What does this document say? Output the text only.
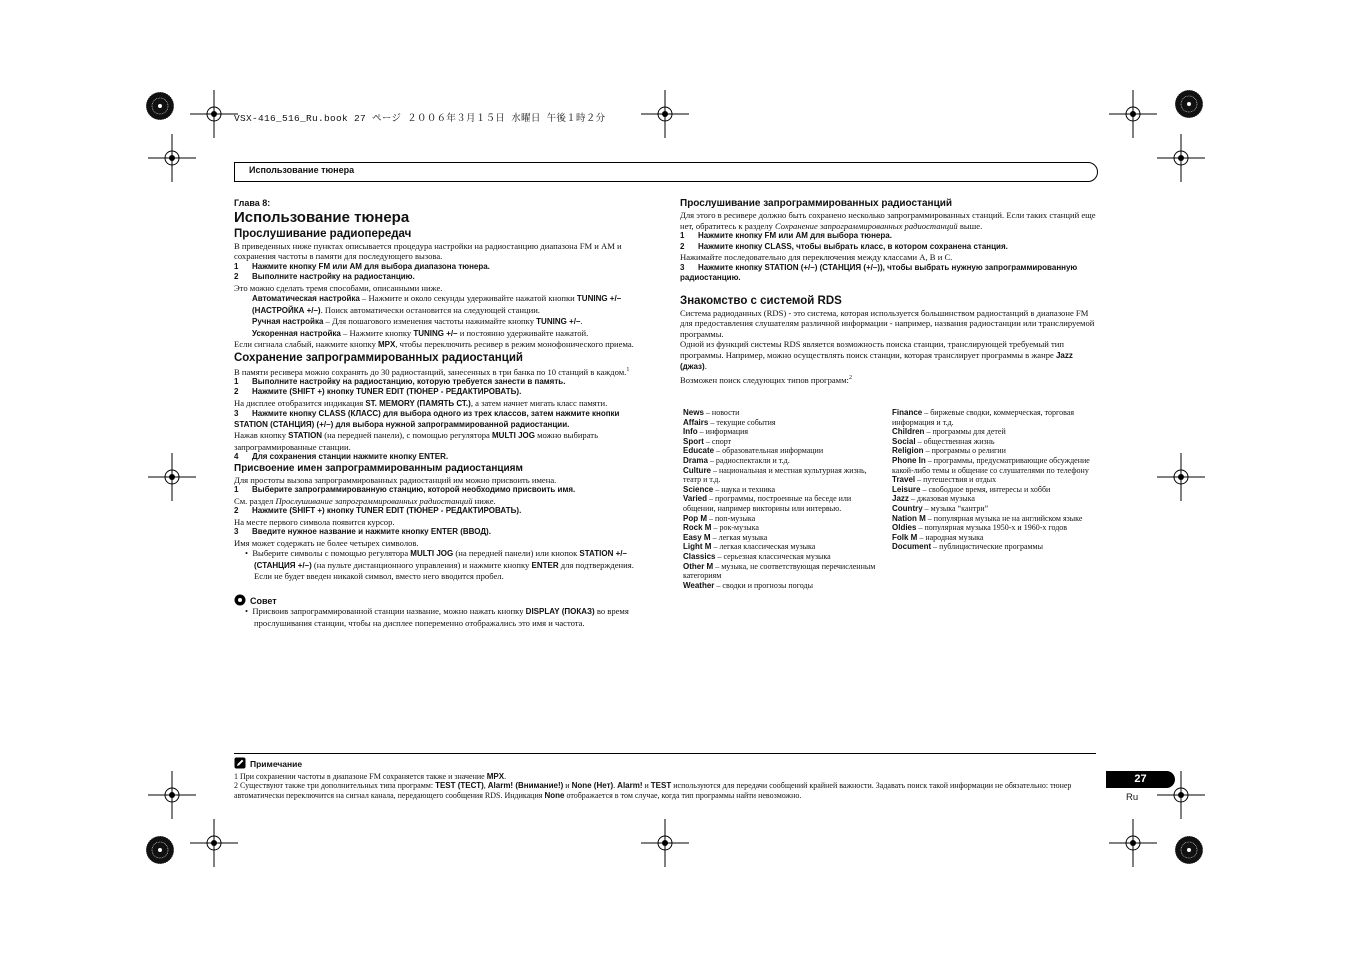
VSX-416_516_Ru.book 27 ページ ２００６年３月１５日 水曜日 午後１時２分
Использование тюнера

Глава 8:

Использование тюнера

Прослушивание радиопередач

В приведенных ниже пунктах описывается процедура настройки на радиостанцию диапазона FM и AM и сохранения частоты в памяти для последующего вызова.

1 Нажмите кнопку FM или AM для выбора диапазона тюнера.

2 Выполните настройку на радиостанцию.

Это можно сделать тремя способами, описанными ниже.

Автоматическая настройка – Нажмите и около секунды удерживайте нажатой кнопки TUNING +/– (НАСТРОЙКА +/–). Поиск автоматически остановится на следующей станции.

Ручная настройка – Для пошагового изменения частоты нажимайте кнопку TUNING +/–.

Ускоренная настройка – Нажмите кнопку TUNING +/– и постоянно удерживайте нажатой.

Если сигнала слабый, нажмите кнопку MPX, чтобы переключить ресивер в режим монофонического приема.

Сохранение запрограммированных радиостанций

В памяти ресивера можно сохранять до 30 радиостанций, занесенных в три банка по 10 станций в каждом.$^1$

1 Выполните настройку на радиостанцию, которую требуется занести в память.

2 Нажмите (SHIFT +) кнопку TUNER EDIT (ТЮНЕР - РЕДАКТИРОВАТЬ).

На дисплее отобразится индикация ST. MEMORY (ПАМЯТЬ СТ.), а затем начнет мигать класс памяти.

3 Нажмите кнопку CLASS (КЛАСС) для выбора одного из трех классов, затем нажмите кнопки STATION (СТАНЦИЯ) (+/–) для выбора нужной запрограммированной радиостанции.

Нажав кнопку STATION (на передней панели), с помощью регулятора MULTI JOG можно выбирать запрограммированные станции.

4 Для сохранения станции нажмите кнопку ENTER.

Присвоение имен запрограммированным радиостанциям

Для простоты вызова запрограммированных радиостанций им можно присвоить имена.

1 Выберите запрограммированную станцию, которой необходимо присвоить имя.

См. раздел Прослушивание запрограммированных радиостанций ниже.

2 Нажмите (SHIFT +) кнопку TUNER EDIT (ТЮНЕР - РЕДАКТИРОВАТЬ).

На месте первого символа появится курсор.

3 Введите нужное название и нажмите кнопку ENTER (ВВОД).

Имя может содержать не более четырех символов.

•  Выберите символы с помощью регулятора MULTI JOG (на передней панели) или кнопок STATION +/– (СТАНЦИЯ +/–) (на пульте дистанционного управления) и нажмите кнопку ENTER для подтверждения. Если не будет введен никакой символ, вместо него вводится пробел.

Совет

•  Присвоив запрограммированной станции название, можно нажать кнопку DISPLAY (ПОКАЗ) во время прослушивания станции, чтобы на дисплее попеременно отображались это имя и частота.

Прослушивание запрограммированных радиостанций

Для этого в ресивере должно быть сохранено несколько запрограммированных станций. Если таких станций еще нет, обратитесь к разделу Сохранение запрограммированных радиостанций выше.

1 Нажмите кнопку FM или AM для выбора тюнера.

2 Нажмите кнопку CLASS, чтобы выбрать класс, в котором сохранена станция.

Нажимайте последовательно для переключения между классами A, B и C.

3 Нажмите кнопку STATION (+/–) (СТАНЦИЯ (+/–)), чтобы выбрать нужную запрограммированную радиостанцию.

Знакомство с системой RDS

Система радиоданных (RDS) - это система, которая используется большинством радиостанций в диапазоне FM для предоставления слушателям различной информации - например, названия радиостанции или транслируемой программы.

Одной из функций системы RDS является возможность поиска станции, транслирующей требуемый тип программы. Например, можно осуществлять поиск станции, которая транслирует программы в жанре Jazz (джаз).

Возможен поиск следующих типов программ:$^2$

News – новости
Affairs – текущие события
Info – информация
Sport – спорт
Educate – образовательная информации
Drama – радиоспектакли и т.д.
Culture – национальная и местная культурная жизнь, театр и т.д.
Science – наука и техника
Varied – программы, построенные на беседе или общении, например викторины или интервью.
Pop M – поп-музыка
Rock M – рок-музыка
Easy M – легкая музыка
Light M – легкая классическая музыка
Classics – серьезная классическая музыка
Other M – музыка, не соответствующая перечисленным категориям
Weather – сводки и прогнозы погоды
Finance – биржевые сводки, коммерческая, торговая информация и т.д.
Children – программы для детей
Social – общественная жизнь
Religion – программы о религии
Phone In – программы, предусматривающие обсуждение какой-либо темы и общение со слушателями по телефону
Travel – путешествия и отдых
Leisure – свободное время, интересы и хобби
Jazz – джазовая музыка
Country – музыка “кантри”
Nation M – популярная музыка не на английском языке
Oldies – популярная музыка 1950-х и 1960-х годов
Folk M – народная музыка
Document – публицистические программы
Примечание
1 При сохранении частоты в диапазоне FM сохраняется также и значение MPX.
2 Существуют также три дополнительных типа программ: TEST (ТЕСТ), Alarm! (Внимание!) и None (Нет). Alarm! и TEST используются для передачи сообщений крайней важности. Задавать поиск такой информации не обязательно: тюнер автоматически переключится на сигнал канала, передающего сообщения RDS. Индикация None отображается в том случае, когда тип программы найти невозможно.
27
Ru
